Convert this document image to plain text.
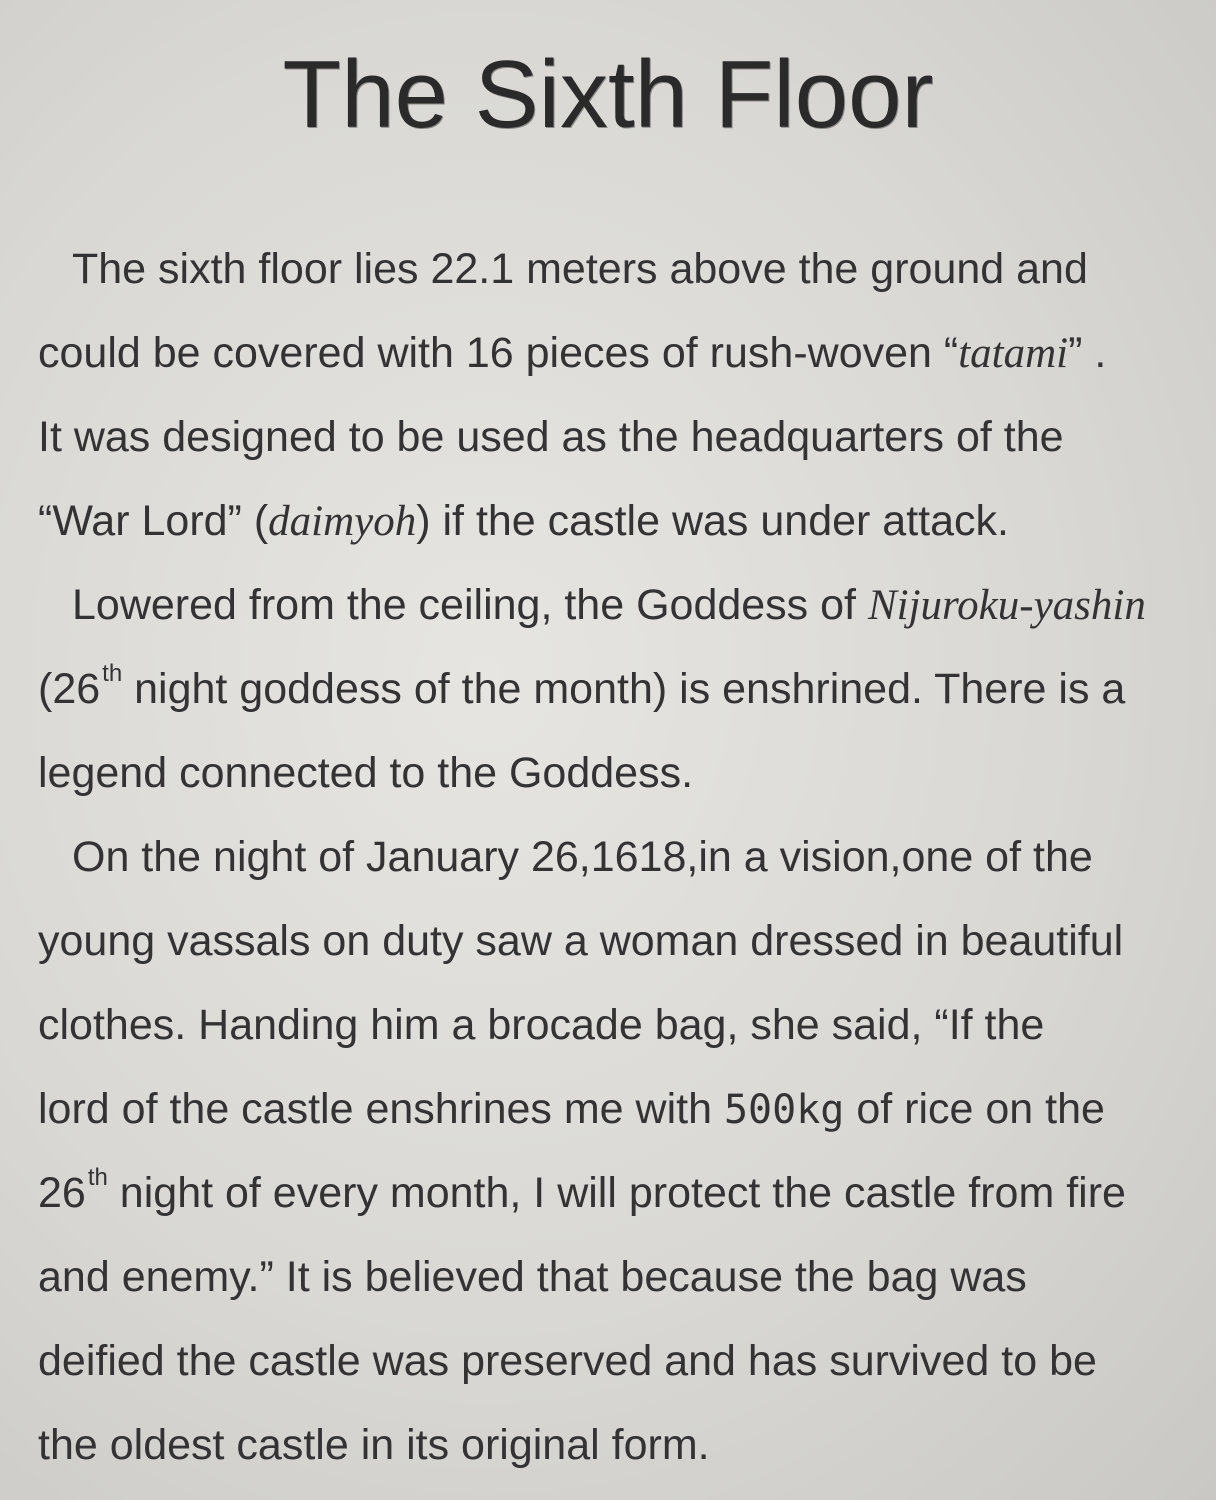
The Sixth Floor
The sixth floor lies 22.1 meters above the ground and
could be covered with 16 pieces of rush-woven “tatami” .
It was designed to be used as the headquarters of the
“War Lord” (daimyoh) if the castle was under attack.
Lowered from the ceiling, the Goddess of Nijuroku-yashin
(26th night goddess of the month) is enshrined. There is a
legend connected to the Goddess.
On the night of January 26,1618,in a vision,one of the
young vassals on duty saw a woman dressed in beautiful
clothes. Handing him a brocade bag, she said, “If the
lord of the castle enshrines me with 500kg of rice on the
26th night of every month, I will protect the castle from fire
and enemy.” It is believed that because the bag was
deified the castle was preserved and has survived to be
the oldest castle in its original form.
